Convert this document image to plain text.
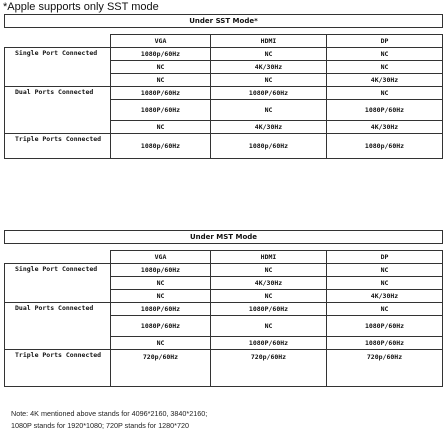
*Apple supports only SST mode
Under SST Mode*			

	VGA	HDMI	DP
Single Port Connected	1080p/60Hz	NC	NC
	NC	4K/30Hz	NC
	NC	NC	4K/30Hz
Dual Ports Connected	1080P/60Hz	1080P/60Hz	NC
	1080P/60Hz	NC	1080P/60Hz
	NC	4K/30Hz	4K/30Hz
Triple Ports Connected	1080p/60Hz	1080p/60Hz	1080p/60Hz
Under MST Mode			

	VGA	HDMI	DP
Single Port Connected	1080p/60Hz	NC	NC
	NC	4K/30Hz	NC
	NC	NC	4K/30Hz
Dual Ports Connected	1080P/60Hz	1080P/60Hz	NC
	1080P/60Hz	NC	1080P/60Hz
	NC	1080P/60Hz	1080P/60Hz
Triple Ports Connected	720p/60Hz	720p/60Hz	720p/60Hz
Note: 4K mentioned above stands for 4096*2160, 3840*2160;
1080P stands for 1920*1080; 720P stands for 1280*720
